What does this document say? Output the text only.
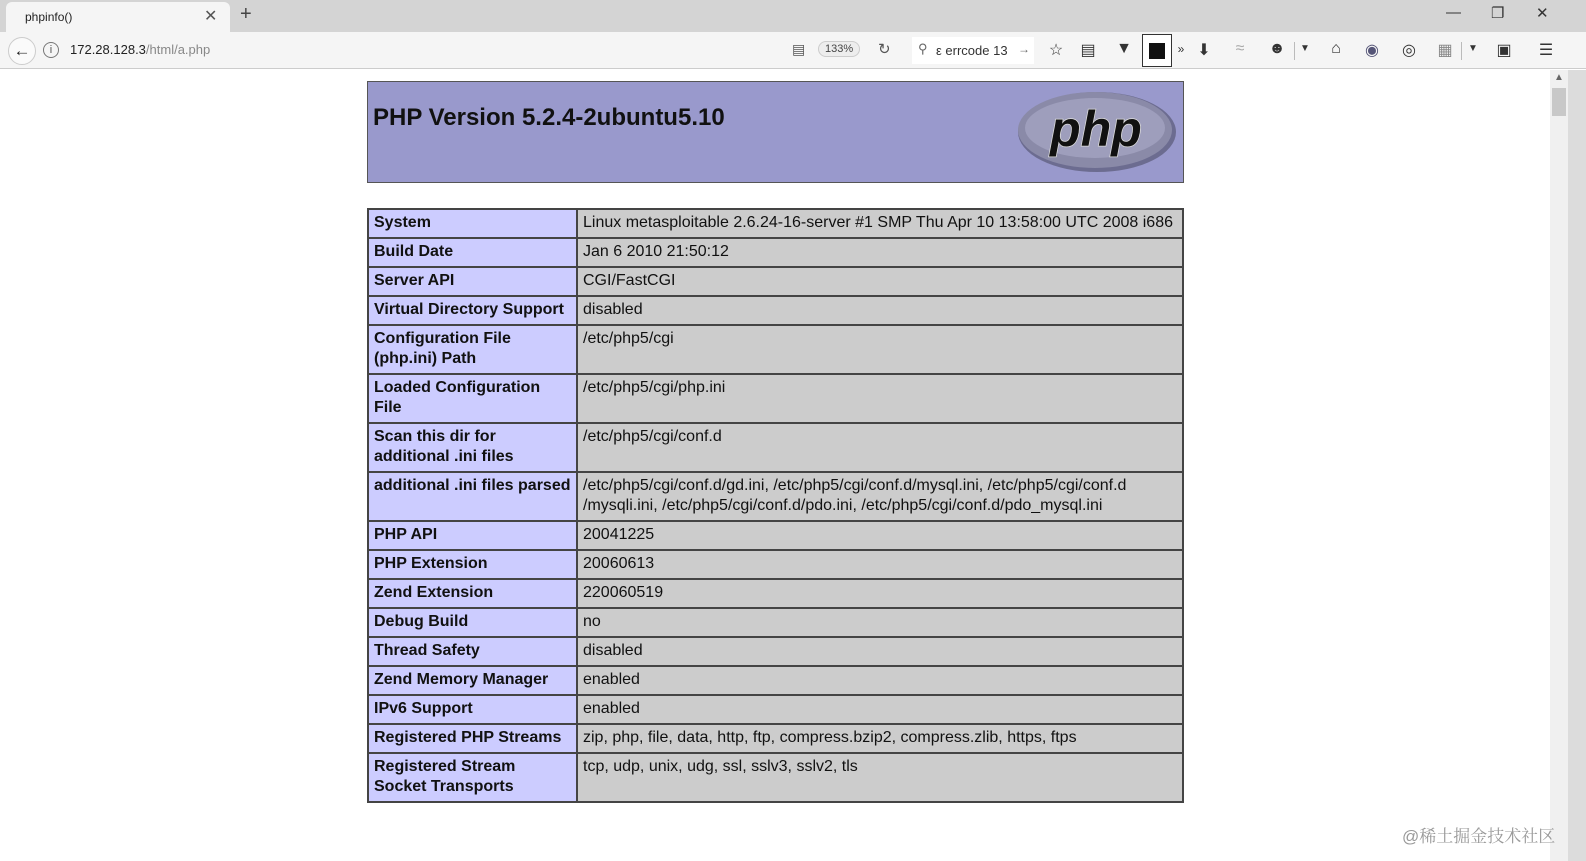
phpinfo()	✕ +	— ❐ ✕
←	i	172.28.128.3/html/a.php	▤	133%	↻ ⚲ ε errcode 13 → ☆ ▤ ▼	» ⬇	≈	☻	▼	⌂	◉ ◎ ▦	▼	▣ ☰
PHP Version 5.2.4-2ubuntu5.10	php
System	Linux metasploitable 2.6.24-16-server #1 SMP Thu Apr 10 13:58:00 UTC 2008 i686
Build Date	Jan 6 2010 21:50:12
Server API	CGI/FastCGI
Virtual Directory Support	disabled
Configuration File (php.ini) Path	/etc/php5/cgi
Loaded Configuration File	/etc/php5/cgi/php.ini
Scan this dir for additional .ini files	/etc/php5/cgi/conf.d
additional .ini files parsed	/etc/php5/cgi/conf.d/gd.ini, /etc/php5/cgi/conf.d/mysql.ini, /etc/php5/cgi/conf.d /mysqli.ini, /etc/php5/cgi/conf.d/pdo.ini, /etc/php5/cgi/conf.d/pdo_mysql.ini
PHP API	20041225
PHP Extension	20060613
Zend Extension	220060519
Debug Build	no
Thread Safety	disabled
Zend Memory Manager	enabled
IPv6 Support	enabled
Registered PHP Streams	zip, php, file, data, http, ftp, compress.bzip2, compress.zlib, https, ftps
Registered Stream Socket Transports	tcp, udp, unix, udg, ssl, sslv3, sslv2, tls
▲
@稀土掘金技术社区
